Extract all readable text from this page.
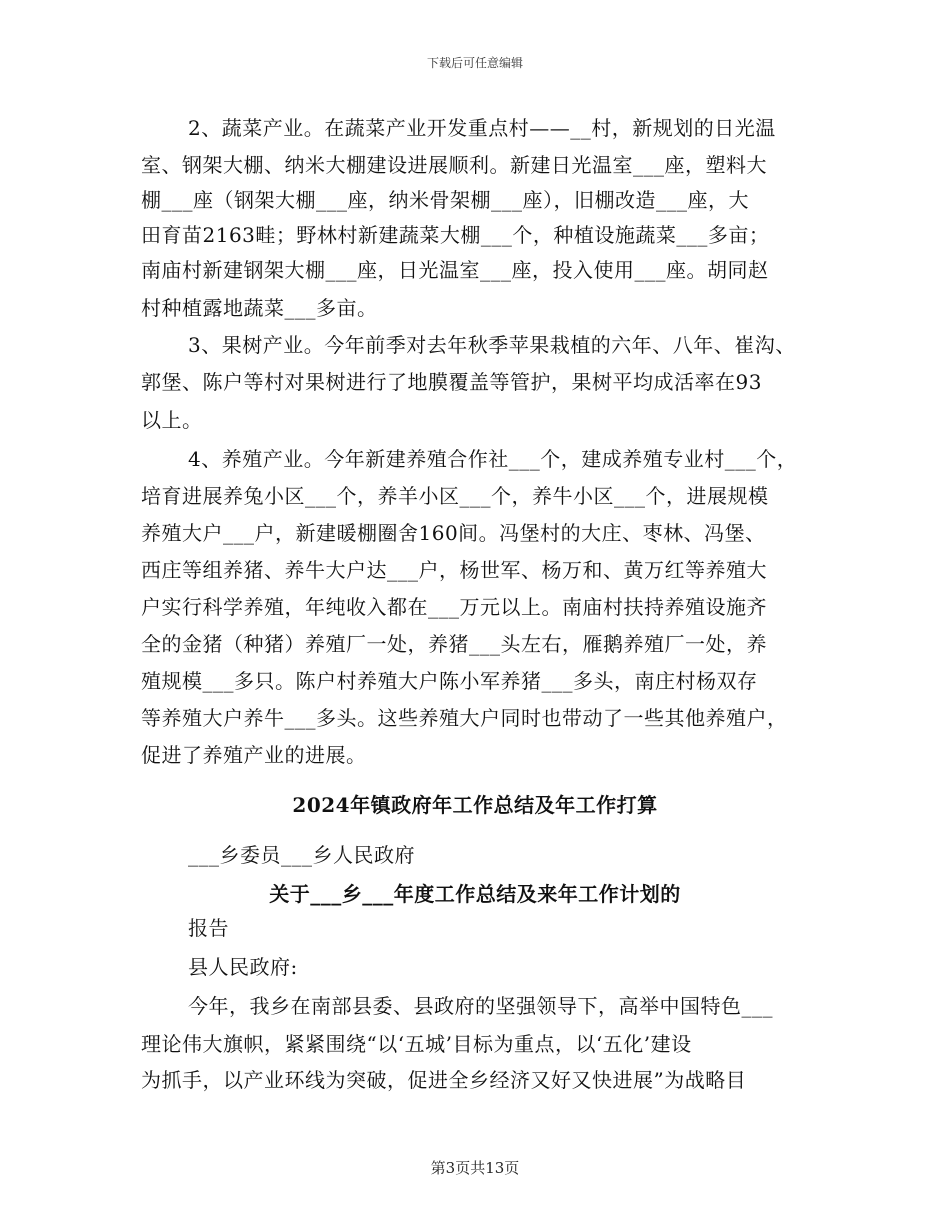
下载后可任意编辑
2、蔬菜产业。在蔬菜产业开发重点村——__村，新规划的日光温
室、钢架大棚、纳米大棚建设进展顺利。新建日光温室___座，塑料大
棚___座（钢架大棚___座，纳米骨架棚___座），旧棚改造___座，大
田育苗2163畦；野林村新建蔬菜大棚___个，种植设施蔬菜___多亩；
南庙村新建钢架大棚___座，日光温室___座，投入使用___座。胡同赵
村种植露地蔬菜___多亩。
3、果树产业。今年前季对去年秋季苹果栽植的六年、八年、崔沟、
郭堡、陈户等村对果树进行了地膜覆盖等管护，果树平均成活率在93
以上。
4、养殖产业。今年新建养殖合作社___个，建成养殖专业村___个，
培育进展养兔小区___个，养羊小区___个，养牛小区___个，进展规模
养殖大户___户，新建暖棚圈舍160间。冯堡村的大庄、枣林、冯堡、
西庄等组养猪、养牛大户达___户，杨世军、杨万和、黄万红等养殖大
户实行科学养殖，年纯收入都在___万元以上。南庙村扶持养殖设施齐
全的金猪（种猪）养殖厂一处，养猪___头左右，雁鹅养殖厂一处，养
殖规模___多只。陈户村养殖大户陈小军养猪___多头，南庄村杨双存
等养殖大户养牛___多头。这些养殖大户同时也带动了一些其他养殖户，
促进了养殖产业的进展。
2024年镇政府年工作总结及年工作打算
___乡委员___乡人民政府
关于___乡___年度工作总结及来年工作计划的
报告
县人民政府:
今年，我乡在南部县委、县政府的坚强领导下，高举中国特色___
理论伟大旗帜，紧紧围绕“以‘五城’目标为重点，以‘五化’建设
为抓手，以产业环线为突破，促进全乡经济又好又快进展”为战略目
第3页共13页
